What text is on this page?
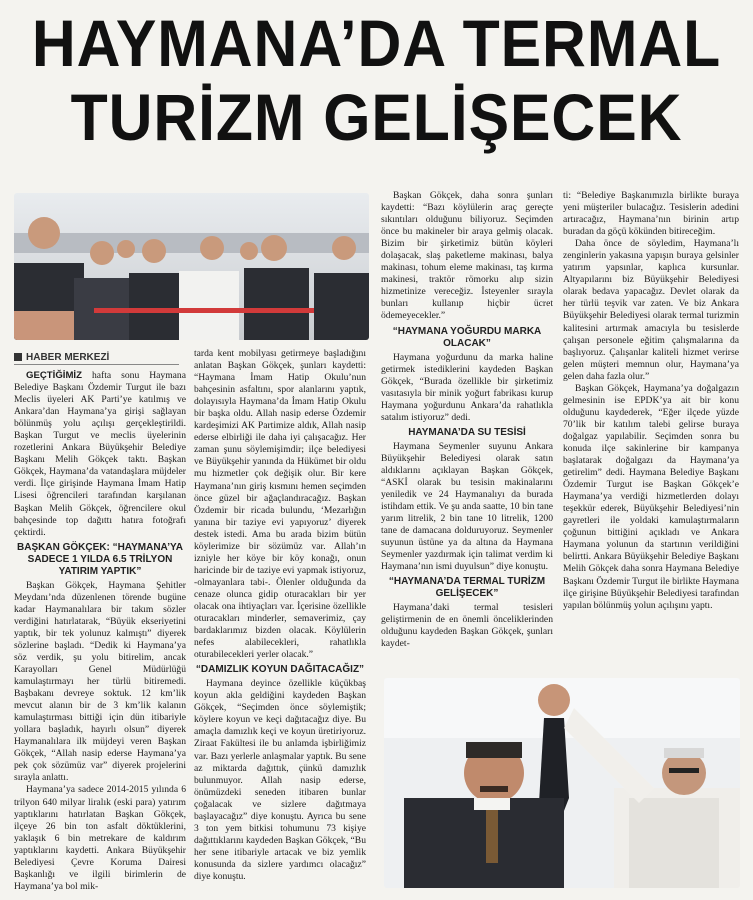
HAYMANA’DA TERMAL
TURİZM GELİŞECEK
HABER MERKEZİ

GEÇTİĞİMİZ hafta sonu Haymana Belediye Başkanı Özdemir Turgut ile bazı Meclis üyeleri AK Parti’ye katılmış ve Ankara’dan Haymana’ya girişi sağlayan bölünmüş yolu açılışı gerçekleştirildi. Başkan Turgut ve meclis üyelerinin rozetlerini Ankara Büyükşehir Belediye Başkanı Melih Gökçek taktı. Başkan Gökçek, Haymana’da vatandaşlara müjdeler verdi. İlçe girişinde Haymana İmam Hatip Lisesi öğrencileri tarafından karşılanan Başkan Melih Gökçek, öğrencilere okul bahçesinde top dağıttı hatıra fotoğrafı çektirdi.

BAŞKAN GÖKÇEK: “HAYMANA’YA SADECE 1 YILDA 6.5 TRİLYON YATIRIM YAPTIK”

Başkan Gökçek, Haymana Şehitler Meydanı’nda düzenlenen törende bugüne kadar Haymanalılara bir takım sözler verdiğini hatırlatarak, “Büyük ekseriyetini yaptık, bir tek yolunuz kalmıştı” diyerek sözlerine başladı. “Dedik ki Haymana’ya söz verdik, şu yolu bitirelim, ancak Karayolları Genel Müdürlüğü kamulaştırmayı her türlü bitiremedi. Başbakanı devreye soktuk. 12 km’lik mevcut alanın bir de 3 km’lik kalanın kamulaştırması bittiği için dün itibariyle yollara başladık, hayırlı olsun” diyerek Haymanalılara ilk müjdeyi veren Başkan Gökçek, “Allah nasip ederse Haymana’ya pek çok sözümüz var” diyerek projelerini sırayla anlattı.

Haymana’ya sadece 2014-2015 yılında 6 trilyon 640 milyar liralık (eski para) yatırım yaptıklarını hatırlatan Başkan Gökçek, ilçeye 26 bin ton asfalt döktüklerini, yaklaşık 6 bin metrekare de kaldırım yaptıklarını kaydetti. Ankara Büyükşehir Belediyesi Çevre Koruma Dairesi Başkanlığı ve ilgili birimlerin de Haymana’ya bol mik-

tarda kent mobilyası getirmeye başladığını anlatan Başkan Gökçek, şunları kaydetti: “Haymana İmam Hatip Okulu’nun bahçesinin asfaltını, spor alanlarını yaptık, dolayısıyla Haymana’da İmam Hatip Okulu bir başka oldu. Allah nasip ederse Özdemir kardeşimizi AK Partimize aldık, Allah nasip ederse elbirliği ile daha iyi çalışacağız. Her zaman şunu söylemişimdir; ilçe belediyesi ve Büyükşehir yanında da Hükümet bir oldu mu hizmetler çok değişik olur. Bir kere Haymana’nın giriş kısmını hemen seçimden önce güzel bir ağaçlandıracağız. Başkan Özdemir bir ricada bulundu, ‘Mezarlığın yanına bir taziye evi yapıyoruz’ diyerek destek istedi. Ama bu arada bizim bütün köylerimize bir sözümüz var. Allah’ın izniyle her köye bir köy konağı, onun haricinde bir de taziye evi yapmak istiyoruz, -olmayanlara tabi-. Ölenler olduğunda da cenaze olunca gidip oturacakları bir yer olacak ona ihtiyaçları var. İçerisine özellikle oturacakları minderler, semaverimiz, çay bardaklarımız bizden olacak. Köylülerin nefes alabilecekleri, rahatlıkla oturabilecekleri yerler olacak.”

“DAMIZLIK KOYUN DAĞITACAĞIZ”

Haymana deyince özellikle küçükbaş koyun akla geldiğini kaydeden Başkan Gökçek, “Seçimden önce söylemiştik; köylere koyun ve keçi dağıtacağız diye. Bu amaçla damızlık keçi ve koyun üretiriyoruz. Ziraat Fakültesi ile bu anlamda işbirliğimiz var. Bazı yerlerle anlaşmalar yaptık. Bu sene az miktarda dağıttık, çünkü damızlık bulunmuyor. Allah nasip ederse, önümüzdeki seneden itibaren bunlar çoğalacak ve sizlere dağıtmaya başlayacağız” diye konuştu. Ayrıca bu sene 3 ton yem bitkisi tohumunu 73 kişiye dağıttıklarını kaydeden Başkan Gökçek, “Bu her sene itibariyle artacak ve biz yemlik konusunda da sizlere yardımcı olacağız” diye konuştu.

Başkan Gökçek, daha sonra şunları kaydetti: “Bazı köylülerin araç gereçte sıkıntıları olduğunu biliyoruz. Seçimden önce bu makineler bir araya gelmiş olacak. Bizim bir şirketimiz bütün köyleri dolaşacak, slaş paketleme makinası, balya makinası, tohum eleme makinası, taş kırma makinesi, traktör römorku alıp sizin hizmetinize vereceğiz. İsteyenler sırayla bunları kullanıp hiçbir ücret ödemeyecekler.”

“HAYMANA YOĞURDU MARKA OLACAK”

Haymana yoğurdunu da marka haline getirmek istediklerini kaydeden Başkan Gökçek, “Burada özellikle bir şirketimiz vasıtasıyla bir minik yoğurt fabrikası kurup Haymana yoğurdunu Ankara’da rahatlıkla satalım istiyoruz” dedi.

HAYMANA’DA SU TESİSİ

Haymana Seymenler suyunu Ankara Büyükşehir Belediyesi olarak satın aldıklarını açıklayan Başkan Gökçek, “ASKİ olarak bu tesisin makinalarını yeniledik ve 24 Haymanalıyı da burada istihdam ettik. Ve şu anda saatte, 10 bin tane yarım litrelik, 2 bin tane 10 litrelik, 1200 tane de damacana dolduruyoruz. Seymenler suyunun üstüne ya da altına da Haymana Seymenler yazdırmak için talimat verdim ki Haymana’nın ismi duyulsun” diye konuştu.

“HAYMANA’DA TERMAL TURİZM GELİŞECEK”

Haymana’daki termal tesisleri geliştirmenin de en önemli önceliklerinden olduğunu kaydeden Başkan Gökçek, şunları kaydet-

ti: “Belediye Başkanımızla birlikte buraya yeni müşteriler bulacağız. Tesislerin adedini artıracağız, Haymana’nın birinin artıp buradan da göçü kökünden bitireceğim.

Daha önce de söyledim, Haymana’lı zenginlerin yakasına yapışın buraya gelsinler yatırım yapsınlar, kaplıca kursunlar. Altyapılarını biz Büyükşehir Belediyesi olarak bedava yapacağız. Devlet olarak da her türlü teşvik var zaten. Ve biz Ankara Büyükşehir Belediyesi olarak termal turizmin kalitesini artırmak amacıyla bu tesislerde çalışan personele eğitim çalışmalarına da başlıyoruz. Çalışanlar kaliteli hizmet verirse gelen müşteri memnun olur, Haymana’ya gelen daha fazla olur.”

Başkan Gökçek, Haymana’ya doğalgazın gelmesinin ise EPDK’ya ait bir konu olduğunu kaydederek, “Eğer ilçede yüzde 70’lik bir katılım talebi gelirse buraya doğalgaz yapılabilir. Seçimden sonra bu konuda ilçe sakinlerine bir kampanya başlatarak doğalgazı da Haymana’ya getirelim” dedi. Haymana Belediye Başkanı Özdemir Turgut ise Başkan Gökçek’e Haymana’ya verdiği hizmetlerden dolayı teşekkür ederek, Büyükşehir Belediyesi’nin gayretleri ile yoldaki kamulaştırmaların çoğunun bittiğini açıkladı ve Ankara Haymana yolunun da startının verildiğini belirtti. Ankara Büyükşehir Belediye Başkanı Melih Gökçek daha sonra Haymana Belediye Başkanı Özdemir Turgut ile birlikte Haymana ilçe girişine Büyükşehir Belediyesi tarafından yapılan bölünmüş yolun açılışını yaptı.
